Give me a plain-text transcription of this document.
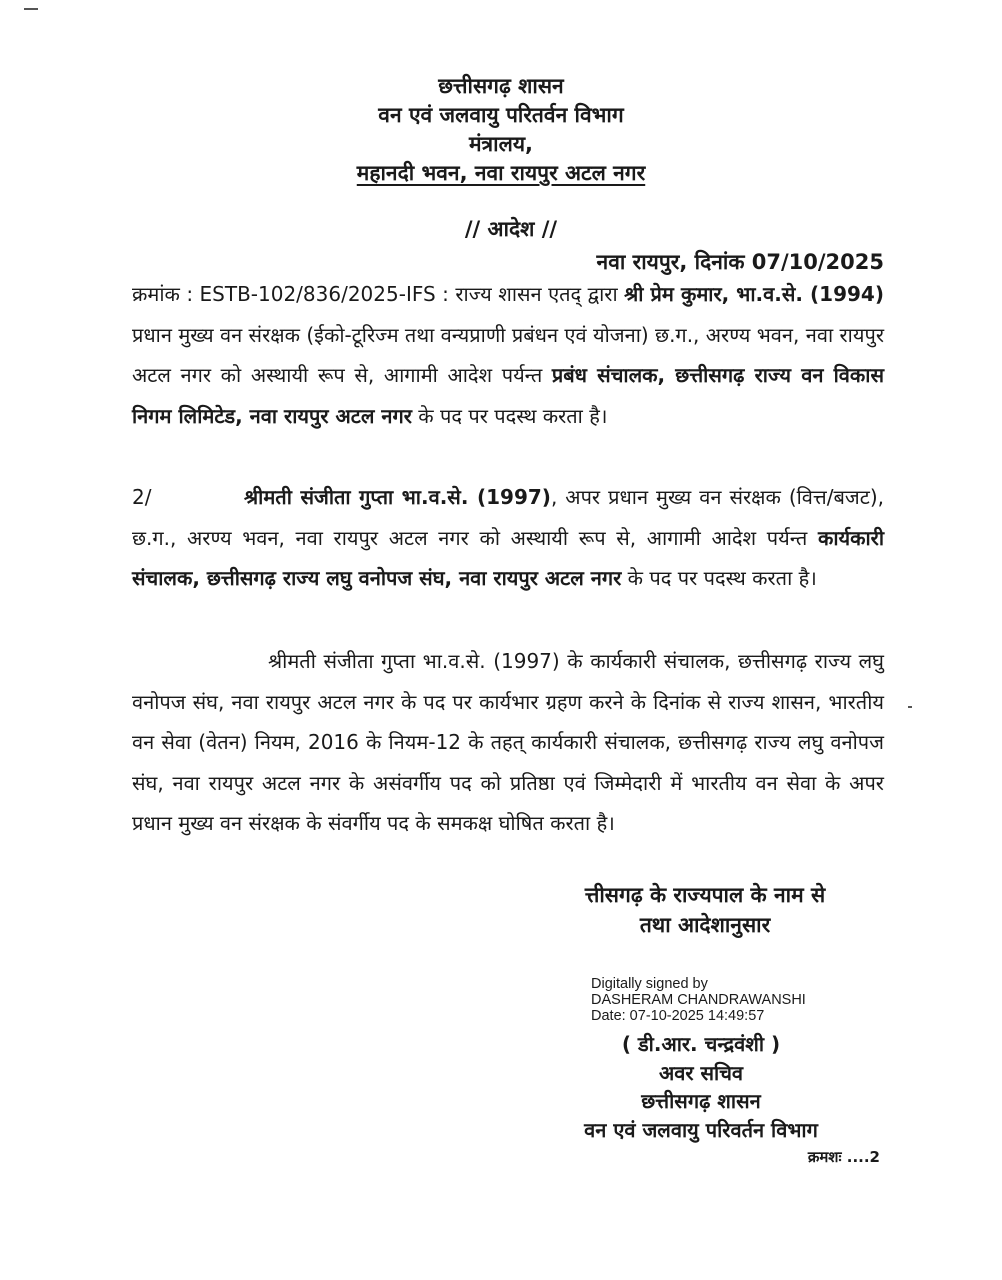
छत्तीसगढ़ शासन
वन एवं जलवायु परितर्वन विभाग
मंत्रालय,
महानदी भवन, नवा रायपुर अटल नगर
// आदेश //
नवा रायपुर, दिनांक 07/10/2025

क्रमांक : ESTB-102/836/2025-IFS : राज्य शासन एतद् द्वारा श्री प्रेम कुमार, भा.व.से. (1994) प्रधान मुख्य वन संरक्षक (ईको-टूरिज्म तथा वन्यप्राणी प्रबंधन एवं योजना) छ.ग., अरण्य भवन, नवा रायपुर अटल नगर को अस्थायी रूप से, आगामी आदेश पर्यन्त प्रबंध संचालक, छत्तीसगढ़ राज्य वन विकास निगम लिमिटेड, नवा रायपुर अटल नगर के पद पर पदस्थ करता है।

2/	श्रीमती संजीता गुप्ता भा.व.से. (1997), अपर प्रधान मुख्य वन संरक्षक (वित्त/बजट), छ.ग., अरण्य भवन, नवा रायपुर अटल नगर को अस्थायी रूप से, आगामी आदेश पर्यन्त कार्यकारी संचालक, छत्तीसगढ़ राज्य लघु वनोपज संघ, नवा रायपुर अटल नगर के पद पर पदस्थ करता है।

श्रीमती संजीता गुप्ता भा.व.से. (1997) के कार्यकारी संचालक, छत्तीसगढ़ राज्य लघु वनोपज संघ, नवा रायपुर अटल नगर के पद पर कार्यभार ग्रहण करने के दिनांक से राज्य शासन, भारतीय वन सेवा (वेतन) नियम, 2016 के नियम-12 के तहत् कार्यकारी संचालक, छत्तीसगढ़ राज्य लघु वनोपज संघ, नवा रायपुर अटल नगर के असंवर्गीय पद को प्रतिष्ठा एवं जिम्मेदारी में भारतीय वन सेवा के अपर प्रधान मुख्य वन संरक्षक के संवर्गीय पद के समकक्ष घोषित करता है।

त्तीसगढ़ के राज्यपाल के नाम से
तथा आदेशानुसार
Digitally signed by
DASHERAM CHANDRAWANSHI
Date: 07-10-2025 14:49:57
( डी.आर. चन्द्रवंशी )
अवर सचिव
छत्तीसगढ़ शासन
वन एवं जलवायु परिवर्तन विभाग
क्रमशः ....2
